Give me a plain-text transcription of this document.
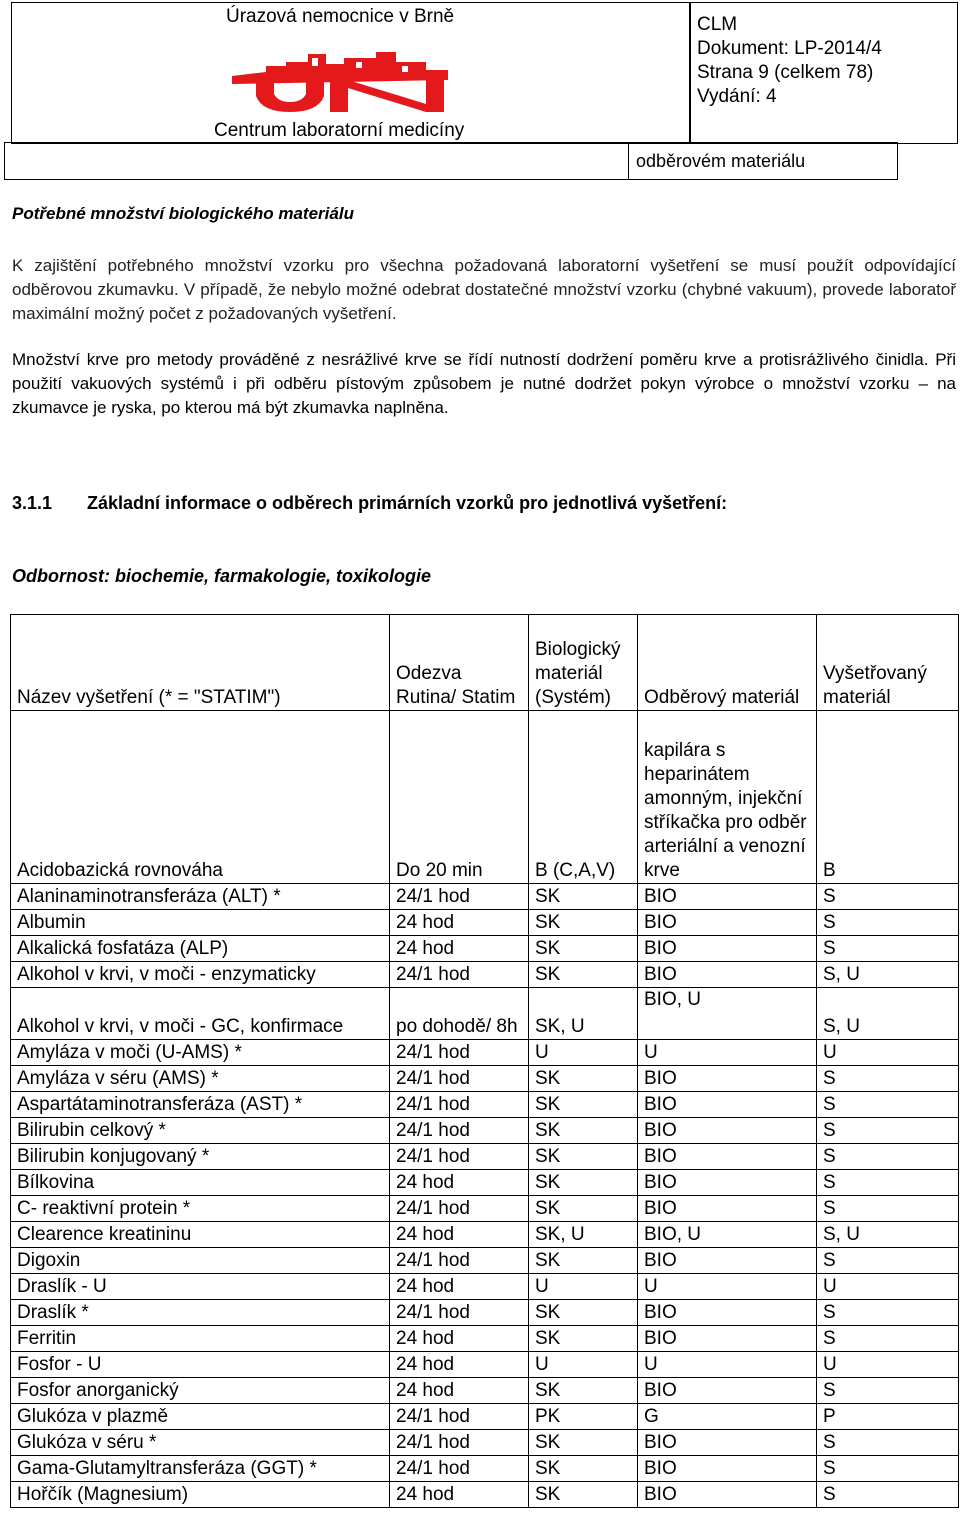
Úrazová nemocnice v Brně
Centrum laboratorní medicíny
CLM
Dokument: LP-2014/4
Strana 9 (celkem 78)
Vydání: 4
odběrovém materiálu
Potřebné množství biologického materiálu
K zajištění potřebného množství vzorku pro všechna požadovaná laboratorní vyšetření se musí použít odpovídající odběrovou zkumavku. V případě, že nebylo možné odebrat dostatečné množství vzorku (chybné vakuum), provede laboratoř maximální možný počet z požadovaných vyšetření.
Množství krve pro metody prováděné z nesrážlivé krve se řídí nutností dodržení poměru krve a protisrážlivého činidla. Při použití vakuových systémů i při odběru pístovým způsobem je nutné dodržet pokyn výrobce o množství vzorku – na zkumavce je ryska, po kterou má být zkumavka naplněna.
3.1.1 Základní informace o odběrech primárních vzorků pro jednotlivá vyšetření:
Odbornost: biochemie, farmakologie, toxikologie
Název vyšetření (* = "STATIM")	Odezva Rutina/ Statim	Biologický materiál (Systém)	Odběrový materiál	Vyšetřovaný materiál
Acidobazická rovnováha	Do 20 min	B (C,A,V)	kapilára s heparinátem amonným, injekční stříkačka pro odběr arteriální a venozní krve	B
Alaninaminotransferáza (ALT) *	24/1 hod	SK	BIO	S
Albumin	24 hod	SK	BIO	S
Alkalická fosfatáza (ALP)	24 hod	SK	BIO	S
Alkohol v krvi, v moči - enzymaticky	24/1 hod	SK	BIO	S, U
Alkohol v krvi, v moči - GC, konfirmace	po dohodě/ 8h	SK, U	BIO, U	S, U
Amyláza v moči (U-AMS) *	24/1 hod	U	U	U
Amyláza v séru (AMS) *	24/1 hod	SK	BIO	S
Aspartátaminotransferáza (AST) *	24/1 hod	SK	BIO	S
Bilirubin celkový *	24/1 hod	SK	BIO	S
Bilirubin konjugovaný *	24/1 hod	SK	BIO	S
Bílkovina	24 hod	SK	BIO	S
C- reaktivní protein *	24/1 hod	SK	BIO	S
Clearence kreatininu	24 hod	SK, U	BIO, U	S, U
Digoxin	24/1 hod	SK	BIO	S
Draslík - U	24 hod	U	U	U
Draslík *	24/1 hod	SK	BIO	S
Ferritin	24 hod	SK	BIO	S
Fosfor - U	24 hod	U	U	U
Fosfor anorganický	24 hod	SK	BIO	S
Glukóza v plazmě	24/1 hod	PK	G	P
Glukóza v séru *	24/1 hod	SK	BIO	S
Gama-Glutamyltransferáza (GGT) *	24/1 hod	SK	BIO	S
Hořčík (Magnesium)	24 hod	SK	BIO	S
